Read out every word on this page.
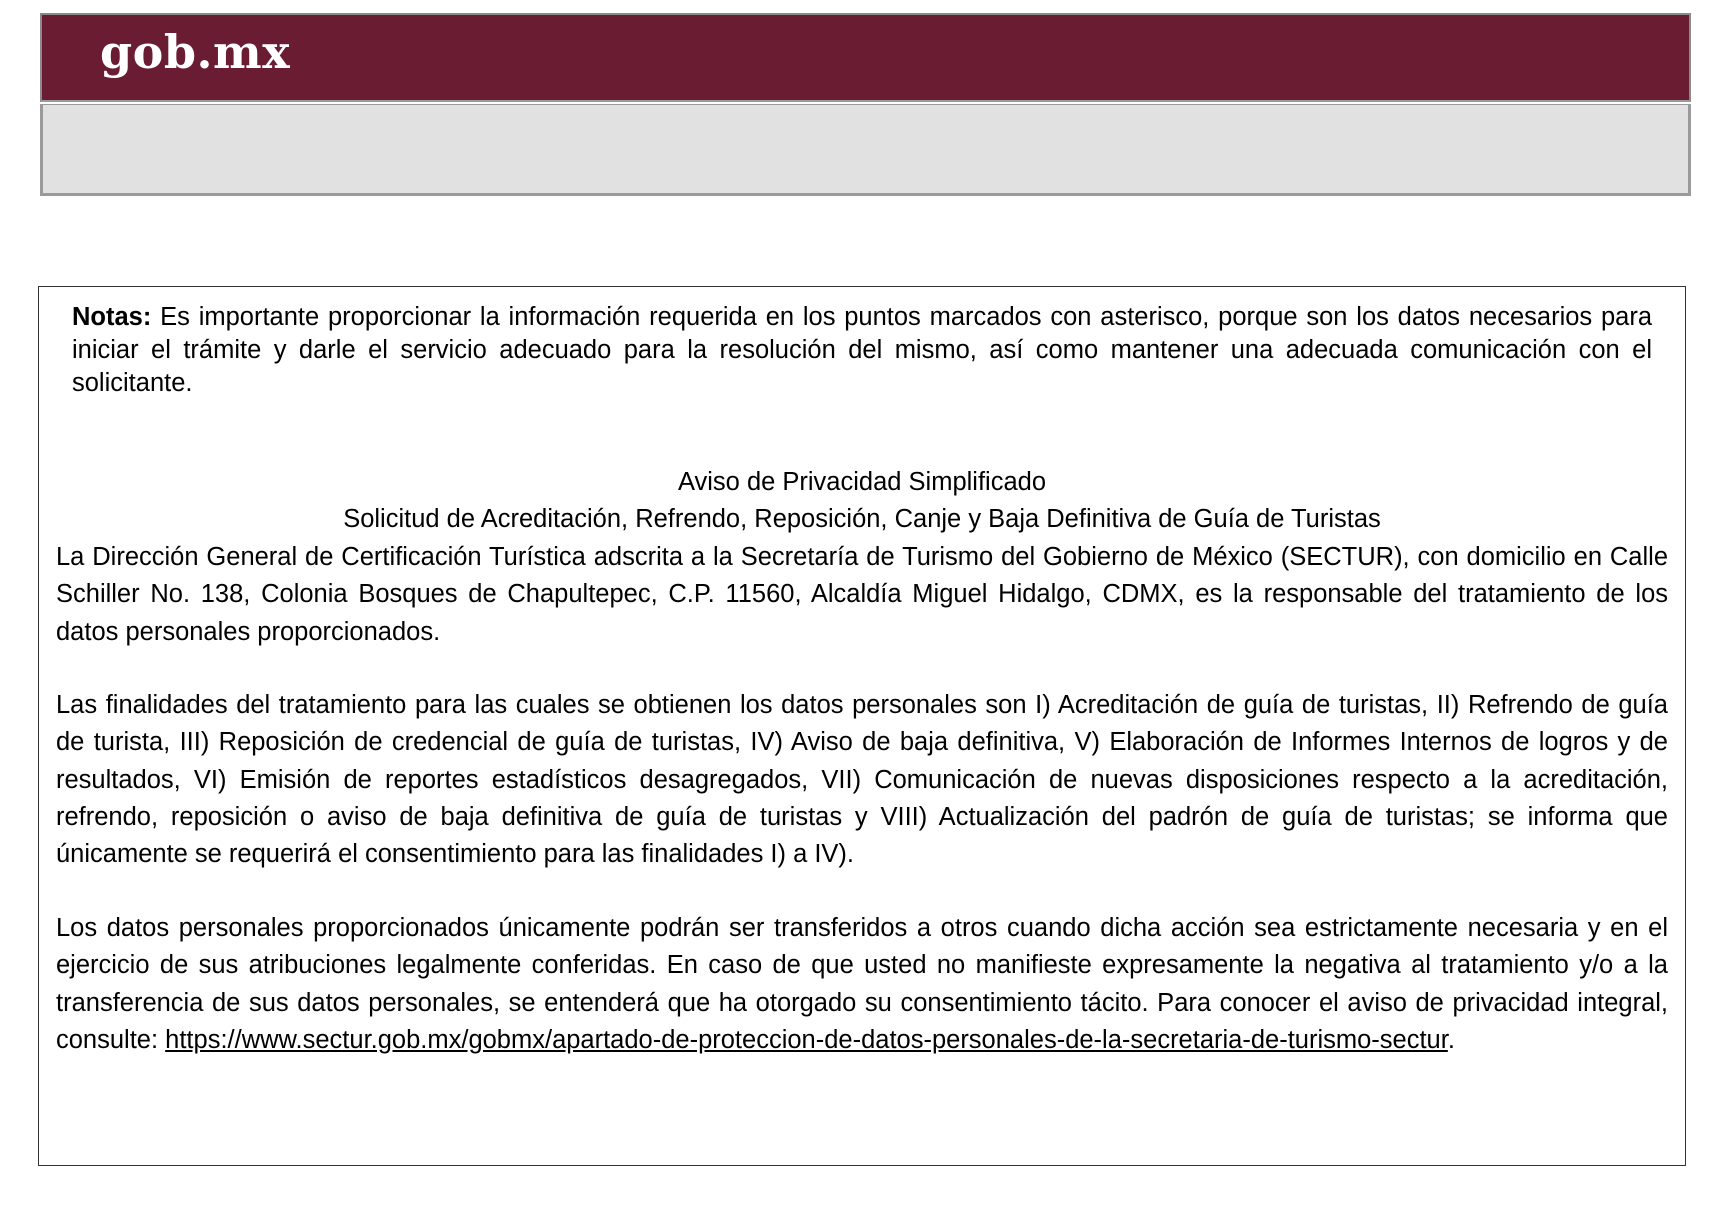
gob.mx
Notas: Es importante proporcionar la información requerida en los puntos marcados con asterisco, porque son los datos necesarios para iniciar el trámite y darle el servicio adecuado para la resolución del mismo, así como mantener una adecuada comunicación con el solicitante.
Aviso de Privacidad Simplificado
Solicitud de Acreditación, Refrendo, Reposición, Canje y Baja Definitiva de Guía de Turistas
La Dirección General de Certificación Turística adscrita a la Secretaría de Turismo del Gobierno de México (SECTUR), con domicilio en Calle Schiller No. 138, Colonia Bosques de Chapultepec, C.P. 11560, Alcaldía Miguel Hidalgo, CDMX, es la responsable del tratamiento de los datos personales proporcionados.
Las finalidades del tratamiento para las cuales se obtienen los datos personales son I) Acreditación de guía de turistas, II) Refrendo de guía de turista, III) Reposición de credencial de guía de turistas, IV) Aviso de baja definitiva, V) Elaboración de Informes Internos de logros y de resultados, VI) Emisión de reportes estadísticos desagregados, VII) Comunicación de nuevas disposiciones respecto a la acreditación, refrendo, reposición o aviso de baja definitiva de guía de turistas y VIII) Actualización del padrón de guía de turistas; se informa que únicamente se requerirá el consentimiento para las finalidades I) a IV).
Los datos personales proporcionados únicamente podrán ser transferidos a otros cuando dicha acción sea estrictamente necesaria y en el ejercicio de sus atribuciones legalmente conferidas. En caso de que usted no manifieste expresamente la negativa al tratamiento y/o a la transferencia de sus datos personales, se entenderá que ha otorgado su consentimiento tácito. Para conocer el aviso de privacidad integral, consulte: https://www.sectur.gob.mx/gobmx/apartado-de-proteccion-de-datos-personales-de-la-secretaria-de-turismo-sectur.
